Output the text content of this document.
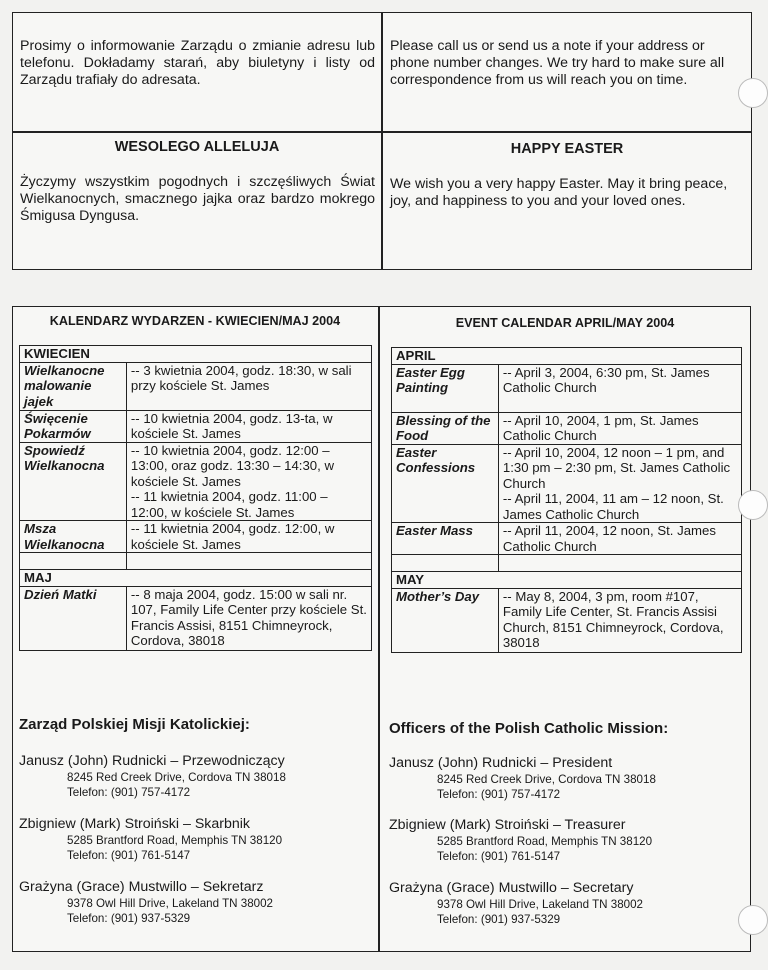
Prosimy o informowanie Zarządu o zmianie adresu lub telefonu. Dokładamy starań, aby biuletyny i listy od Zarządu trafiały do adresata.
Please call us or send us a note if your address or phone number changes. We try hard to make sure all correspondence from us will reach you on time.
WESOLEGO ALLELUJA	HAPPY EASTER
Życzymy wszystkim pogodnych i szczęśliwych Świat Wielkanocnych, smacznego jajka oraz bardzo mokrego Śmigusa Dyngusa.
We wish you a very happy Easter. May it bring peace, joy, and happiness to you and your loved ones.
KALENDARZ WYDARZEN - KWIECIEN/MAJ 2004	EVENT CALENDAR APRIL/MAY 2004
KWIECIEN	
Wielkanocne malowanie jajek	-- 3 kwietnia 2004, godz. 18:30, w sali przy kościele St. James
Święcenie Pokarmów	-- 10 kwietnia 2004, godz. 13-ta, w kościele St. James
Spowiedź Wielkanocna	-- 10 kwietnia 2004, godz. 12:00 – 13:00, oraz godz. 13:30 – 14:30, w kościele St. James
-- 11 kwietnia 2004, godz. 11:00 – 12:00, w kościele St. James

Msza Wielkanocna	-- 11 kwietnia 2004, godz. 12:00, w kościele St. James

MAJ	
Dzień Matki	-- 8 maja 2004, godz. 15:00 w sali nr. 107, Family Life Center przy kościele St. Francis Assisi, 8151 Chimneyrock, Cordova, 38018
APRIL	
Easter Egg Painting	-- April 3, 2004, 6:30 pm, St. James Catholic Church
Blessing of the Food	-- April 10, 2004, 1 pm, St. James Catholic Church
Easter Confessions	-- April 10, 2004, 12 noon – 1 pm, and 1:30 pm – 2:30 pm, St. James Catholic Church
-- April 11, 2004, 11 am – 12 noon, St. James Catholic Church

Easter Mass	-- April 11, 2004, 12 noon, St. James Catholic Church

MAY	
Mother’s Day	-- May 8, 2004, 3 pm, room #107, Family Life Center, St. Francis Assisi Church, 8151 Chimneyrock, Cordova, 38018
Zarząd Polskiej Misji Katolickiej:	Officers of the Polish Catholic Mission:
Janusz (John) Rudnicki – Przewodniczący
8245 Red Creek Drive, Cordova TN 38018
Telefon: (901) 757-4172
Zbigniew (Mark) Stroiński – Skarbnik
5285 Brantford Road, Memphis TN 38120
Telefon: (901) 761-5147
Grażyna (Grace) Mustwillo – Sekretarz
9378 Owl Hill Drive, Lakeland TN 38002
Telefon: (901) 937-5329
Janusz (John) Rudnicki – President
8245 Red Creek Drive, Cordova TN 38018
Telefon: (901) 757-4172
Zbigniew (Mark) Stroiński – Treasurer
5285 Brantford Road, Memphis TN 38120
Telefon: (901) 761-5147
Grażyna (Grace) Mustwillo – Secretary
9378 Owl Hill Drive, Lakeland TN 38002
Telefon: (901) 937-5329
